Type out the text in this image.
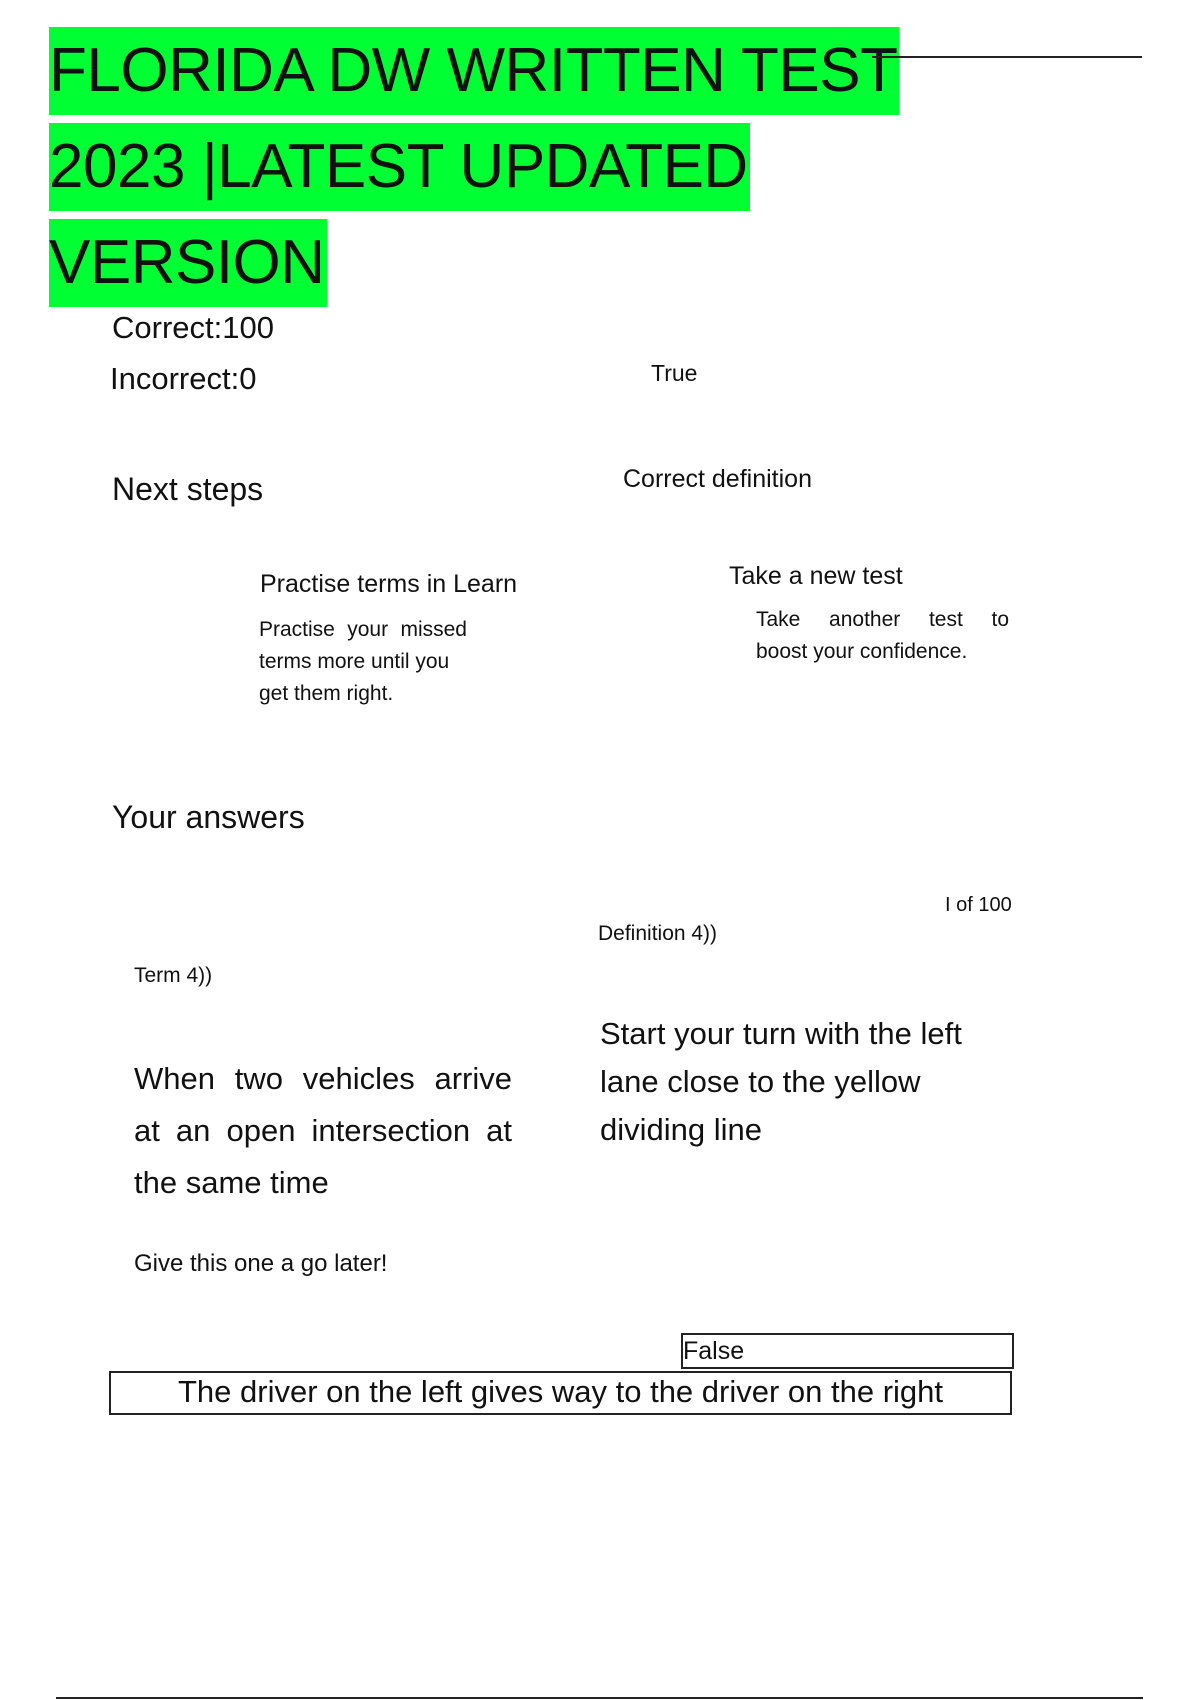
FLORIDA DW WRITTEN TEST
2023 |LATEST UPDATED
VERSION
Correct:100
Incorrect:0	True
Correct definition
Next steps
Practise terms in Learn
Practise your missed
terms more until you
get them right.
Take a new test
Take another test to
boost your confidence.
Your answers
I of 100
Definition 4))
Term 4))
Start your turn with the left
lane close to the yellow
dividing line
When two vehicles arrive
at an open intersection at
the same time
Give this one a go later!
False
The driver on the left gives way to the driver on the right
